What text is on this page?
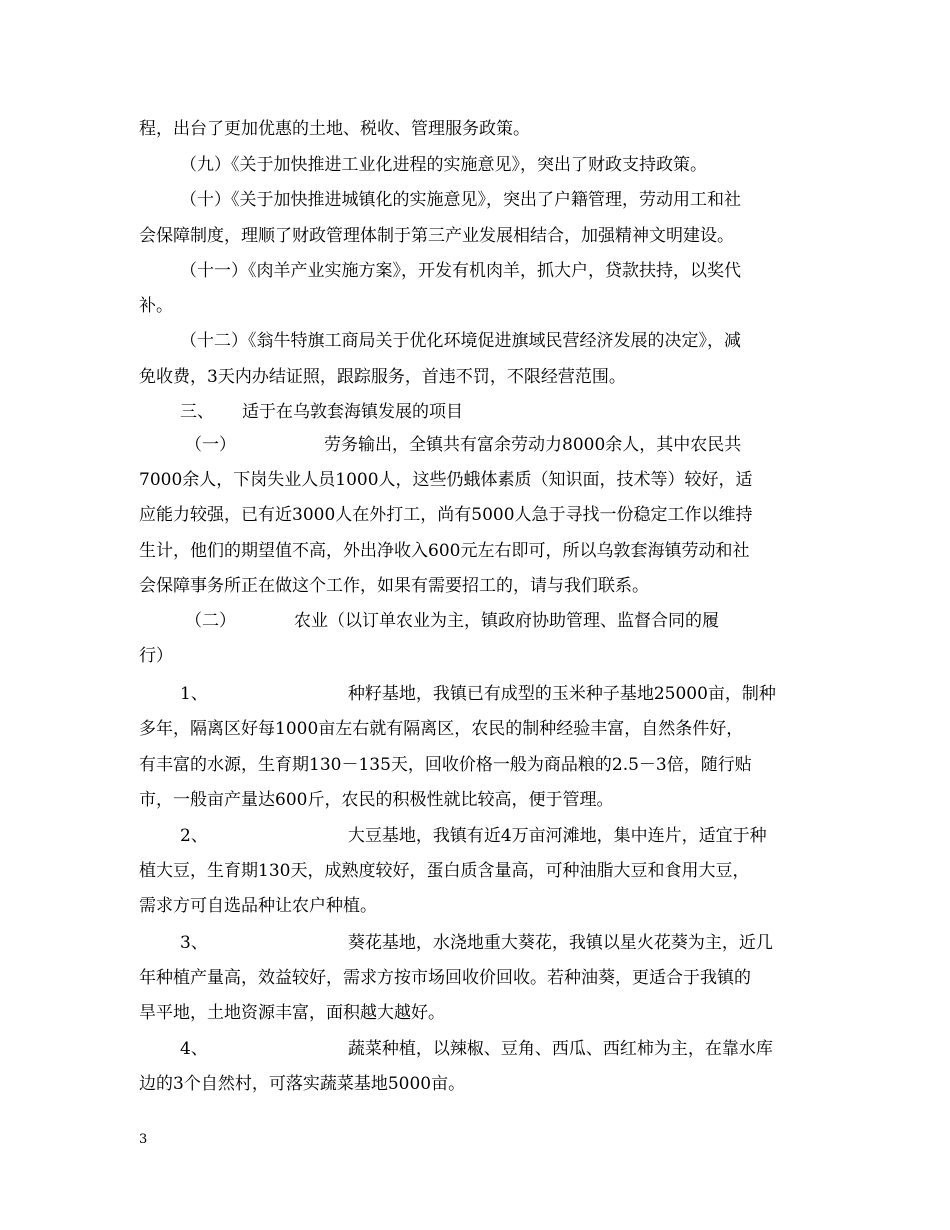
程，出台了更加优惠的土地、税收、管理服务政策。
（九）《关于加快推进工业化进程的实施意见》，突出了财政支持政策。
（十）《关于加快推进城镇化的实施意见》，突出了户籍管理，劳动用工和社
会保障制度，理顺了财政管理体制于第三产业发展相结合，加强精神文明建设。
（十一）《肉羊产业实施方案》，开发有机肉羊，抓大户，贷款扶持，以奖代
补。
（十二）《翁牛特旗工商局关于优化环境促进旗域民营经济发展的决定》，减
免收费，3天内办结证照，跟踪服务，首违不罚，不限经营范围。
三、 适于在乌敦套海镇发展的项目
（一）	劳务输出，全镇共有富余劳动力8000余人，其中农民共
7000余人，下岗失业人员1000人，这些仍蛾体素质（知识面，技术等）较好，适
应能力较强，已有近3000人在外打工，尚有5000人急于寻找一份稳定工作以维持
生计，他们的期望值不高，外出净收入600元左右即可，所以乌敦套海镇劳动和社
会保障事务所正在做这个工作，如果有需要招工的，请与我们联系。
（二）	农业（以订单农业为主，镇政府协助管理、监督合同的履
行）
1、	种籽基地，我镇已有成型的玉米种子基地25000亩，制种
多年，隔离区好每1000亩左右就有隔离区，农民的制种经验丰富，自然条件好，
有丰富的水源，生育期130－135天，回收价格一般为商品粮的2.5－3倍，随行贴
市，一般亩产量达600斤，农民的积极性就比较高，便于管理。
2、	大豆基地，我镇有近4万亩河滩地，集中连片，适宜于种
植大豆，生育期130天，成熟度较好，蛋白质含量高，可种油脂大豆和食用大豆，
需求方可自选品种让农户种植。
3、	葵花基地，水浇地重大葵花，我镇以星火花葵为主，近几
年种植产量高，效益较好，需求方按市场回收价回收。若种油葵，更适合于我镇的
旱平地，土地资源丰富，面积越大越好。
4、	蔬菜种植，以辣椒、豆角、西瓜、西红柿为主，在靠水库
边的3个自然村，可落实蔬菜基地5000亩。
3
